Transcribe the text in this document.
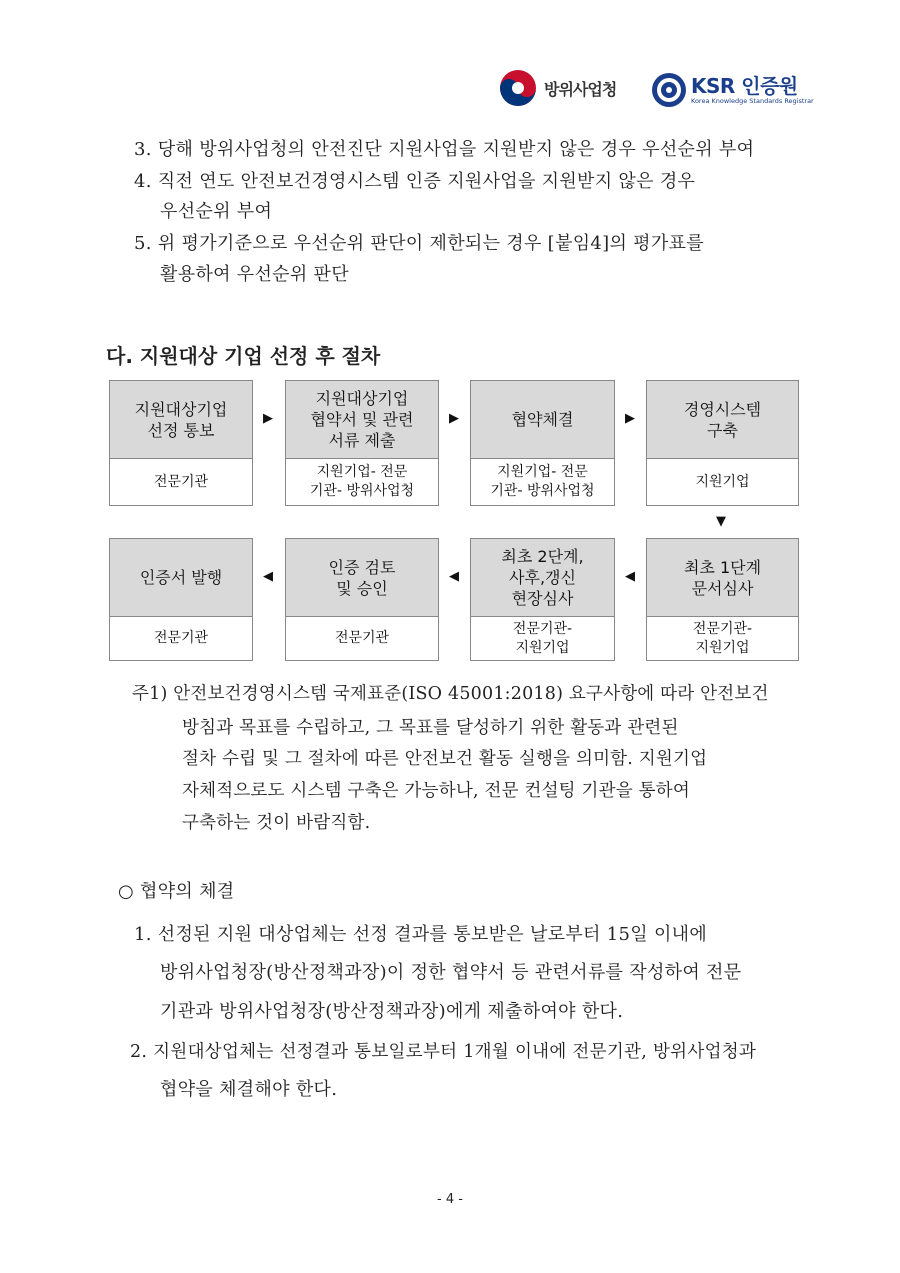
방위사업청	KSR 인증원
Korea Knowledge Standards Registrar
3. 당해 방위사업청의 안전진단 지원사업을 지원받지 않은 경우 우선순위 부여
4. 직전 연도 안전보건경영시스템 인증 지원사업을 지원받지 않은 경우
우선순위 부여
5. 위 평가기준으로 우선순위 판단이 제한되는 경우 [붙임4]의 평가표를
활용하여 우선순위 판단
다. 지원대상 기업 선정 후 절차
지원대상기업
선정 통보
전문기관
▶
지원대상기업
협약서 및 관련
서류 제출
지원기업- 전문
기관- 방위사업청
▶	협약체결
지원기업- 전문
기관- 방위사업청
▶	경영시스템
구축
지원기업
▼
인증서 발행
전문기관
◀	인증 검토
및 승인
전문기관
◀
최초 2단계,
사후,갱신
현장심사
전문기관-
지원기업
◀	최초 1단계
문서심사
전문기관-
지원기업
주1) 안전보건경영시스템 국제표준(ISO 45001:2018) 요구사항에 따라 안전보건
방침과 목표를 수립하고, 그 목표를 달성하기 위한 활동과 관련된
절차 수립 및 그 절차에 따른 안전보건 활동 실행을 의미함. 지원기업
자체적으로도 시스템 구축은 가능하나, 전문 컨설팅 기관을 통하여
구축하는 것이 바람직함.
○ 협약의 체결
1. 선정된 지원 대상업체는 선정 결과를 통보받은 날로부터 15일 이내에
방위사업청장(방산정책과장)이 정한 협약서 등 관련서류를 작성하여 전문
기관과 방위사업청장(방산정책과장)에게 제출하여야 한다.
2. 지원대상업체는 선정결과 통보일로부터 1개월 이내에 전문기관, 방위사업청과
협약을 체결해야 한다.
- 4 -
